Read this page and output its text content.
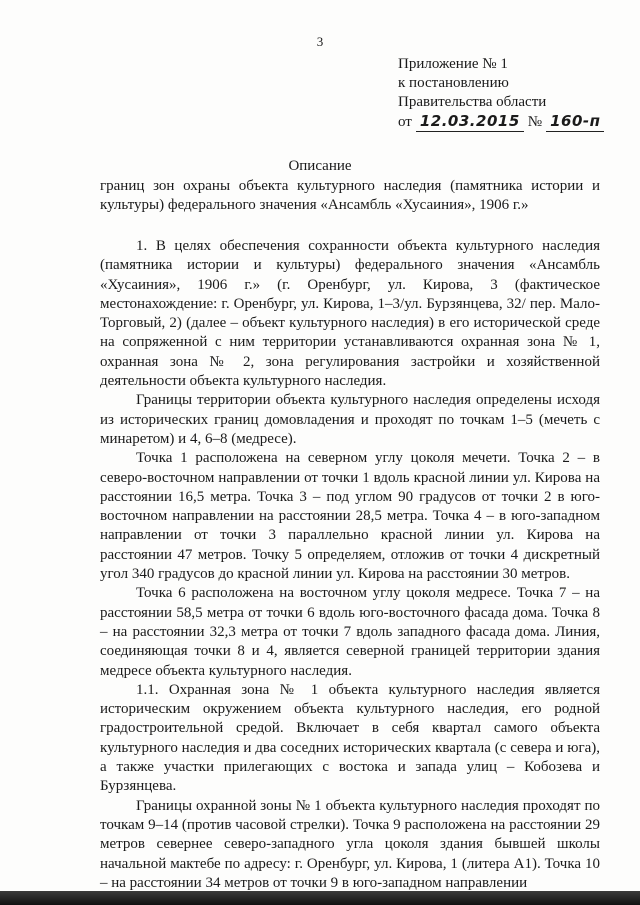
3
Приложение № 1
к постановлению
Правительства области
от 12.03.2015 № 160-п
Описание
границ зон охраны объекта культурного наследия (памятника истории и культуры) федерального значения «Ансамбль «Хусаиния», 1906 г.»

1. В целях обеспечения сохранности объекта культурного наследия (памятника истории и культуры) федерального значения «Ансамбль «Хусаиния», 1906 г.» (г. Оренбург, ул. Кирова, 3 (фактическое местонахождение: г. Оренбург, ул. Кирова, 1–3/ул. Бурзянцева, 32/ пер. Мало-Торговый, 2) (далее – объект культурного наследия) в его исторической среде на сопряженной с ним территории устанавливаются охранная зона № 1, охранная зона № 2, зона регулирования застройки и хозяйственной деятельности объекта культурного наследия.

Границы территории объекта культурного наследия определены исходя из исторических границ домовладения и проходят по точкам 1–5 (мечеть с минаретом) и 4, 6–8 (медресе).

Точка 1 расположена на северном углу цоколя мечети. Точка 2 – в северо-восточном направлении от точки 1 вдоль красной линии ул. Кирова на расстоянии 16,5 метра. Точка 3 – под углом 90 градусов от точки 2 в юго-восточном направлении на расстоянии 28,5 метра. Точка 4 – в юго-западном направлении от точки 3 параллельно красной линии ул. Кирова на расстоянии 47 метров. Точку 5 определяем, отложив от точки 4 дискретный угол 340 градусов до красной линии ул. Кирова на расстоянии 30 метров.

Точка 6 расположена на восточном углу цоколя медресе. Точка 7 – на расстоянии 58,5 метра от точки 6 вдоль юго-восточного фасада дома. Точка 8 – на расстоянии 32,3 метра от точки 7 вдоль западного фасада дома. Линия, соединяющая точки 8 и 4, является северной границей территории здания медресе объекта культурного наследия.

1.1. Охранная зона № 1 объекта культурного наследия является историческим окружением объекта культурного наследия, его родной градостроительной средой. Включает в себя квартал самого объекта культурного наследия и два соседних исторических квартала (с севера и юга), а также участки прилегающих с востока и запада улиц – Кобозева и Бурзянцева.

Границы охранной зоны № 1 объекта культурного наследия проходят по точкам 9–14 (против часовой стрелки). Точка 9 расположена на расстоянии 29 метров севернее северо-западного угла цоколя здания бывшей школы начальной мактебе по адресу: г. Оренбург, ул. Кирова, 1 (литера А1). Точка 10 – на расстоянии 34 метров от точки 9 в юго-западном направлении
